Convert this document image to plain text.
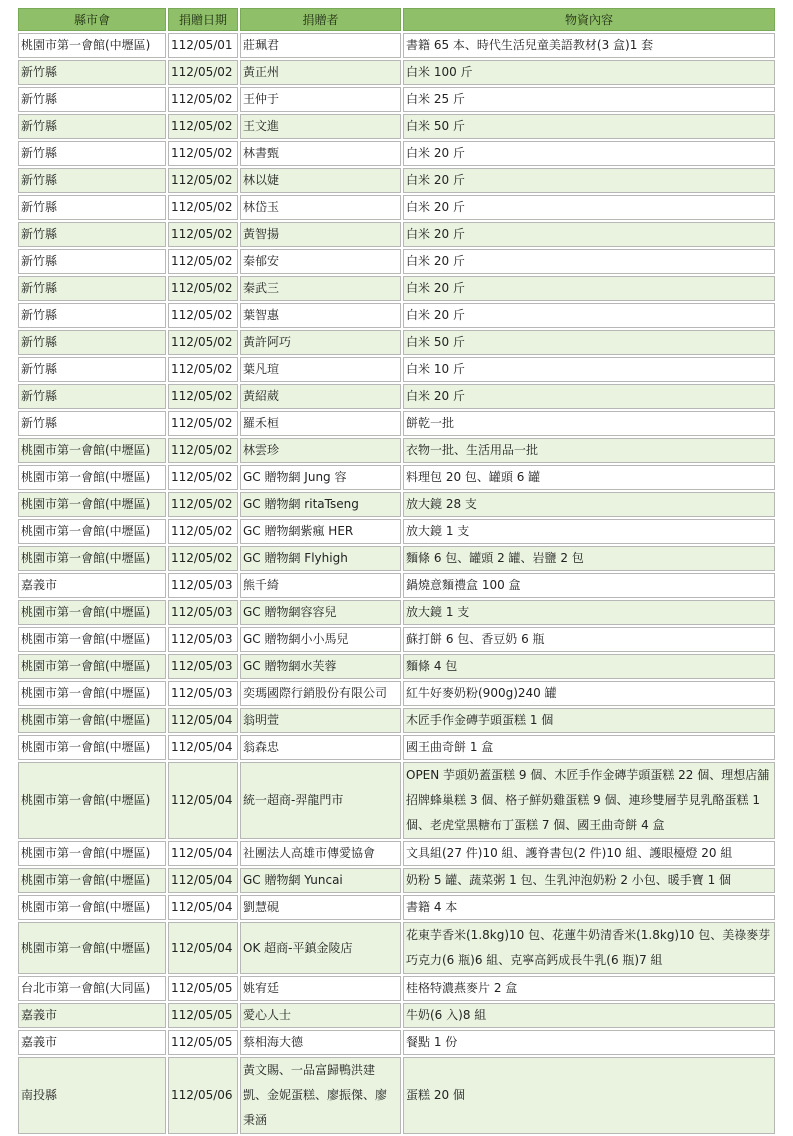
縣市會	捐贈日期	捐贈者	物資內容
桃園市第一會館(中壢區)	112/05/01	莊珮君	書籍 65 本、時代生活兒童美語教材(3 盒)1 套
新竹縣	112/05/02	黃正州	白米 100 斤
新竹縣	112/05/02	王仲于	白米 25 斤
新竹縣	112/05/02	王文進	白米 50 斤
新竹縣	112/05/02	林書甄	白米 20 斤
新竹縣	112/05/02	林以婕	白米 20 斤
新竹縣	112/05/02	林岱玉	白米 20 斤
新竹縣	112/05/02	黃智揚	白米 20 斤
新竹縣	112/05/02	秦郁安	白米 20 斤
新竹縣	112/05/02	秦武三	白米 20 斤
新竹縣	112/05/02	葉智惠	白米 20 斤
新竹縣	112/05/02	黃許阿巧	白米 50 斤
新竹縣	112/05/02	葉凡瑄	白米 10 斤
新竹縣	112/05/02	黃紹葳	白米 20 斤
新竹縣	112/05/02	羅禾桓	餅乾一批
桃園市第一會館(中壢區)	112/05/02	林雲珍	衣物一批、生活用品一批
桃園市第一會館(中壢區)	112/05/02	GC 贈物網 Jung 容	料理包 20 包、罐頭 6 罐
桃園市第一會館(中壢區)	112/05/02	GC 贈物網 ritaTseng	放大鏡 28 支
桃園市第一會館(中壢區)	112/05/02	GC 贈物網紫瘋 HER	放大鏡 1 支
桃園市第一會館(中壢區)	112/05/02	GC 贈物網 Flyhigh	麵條 6 包、罐頭 2 罐、岩鹽 2 包
嘉義市	112/05/03	熊千綺	鍋燒意麵禮盒 100 盒
桃園市第一會館(中壢區)	112/05/03	GC 贈物網容容兒	放大鏡 1 支
桃園市第一會館(中壢區)	112/05/03	GC 贈物網小小馬兒	蘇打餅 6 包、香豆奶 6 瓶
桃園市第一會館(中壢區)	112/05/03	GC 贈物網水芙蓉	麵條 4 包
桃園市第一會館(中壢區)	112/05/03	奕瑪國際行銷股份有限公司	紅牛好麥奶粉(900g)240 罐
桃園市第一會館(中壢區)	112/05/04	翁明萱	木匠手作金磚芋頭蛋糕 1 個
桃園市第一會館(中壢區)	112/05/04	翁森忠	國王曲奇餅 1 盒
桃園市第一會館(中壢區)	112/05/04	統一超商-羿龍門市	OPEN 芋頭奶蓋蛋糕 9 個、木匠手作金磚芋頭蛋糕 22 個、理想店舖招牌蜂巢糕 3 個、格子鮮奶雞蛋糕 9 個、連珍雙層芋見乳酪蛋糕 1 個、老虎堂黑糖布丁蛋糕 7 個、國王曲奇餅 4 盒
桃園市第一會館(中壢區)	112/05/04	社團法人高雄市傳愛協會	文具組(27 件)10 組、護脊書包(2 件)10 組、護眼檯燈 20 組
桃園市第一會館(中壢區)	112/05/04	GC 贈物網 Yuncai	奶粉 5 罐、蔬菜粥 1 包、生乳沖泡奶粉 2 小包、暖手寶 1 個
桃園市第一會館(中壢區)	112/05/04	劉慧硯	書籍 4 本
桃園市第一會館(中壢區)	112/05/04	OK 超商-平鎮金陵店	花東芋香米(1.8kg)10 包、花蓮牛奶清香米(1.8kg)10 包、美祿麥芽巧克力(6 瓶)6 組、克寧高鈣成長牛乳(6 瓶)7 組
台北市第一會館(大同區)	112/05/05	姚宥廷	桂格特濃燕麥片 2 盒
嘉義市	112/05/05	愛心人士	牛奶(6 入)8 組
嘉義市	112/05/05	蔡相海大德	餐點 1 份
南投縣	112/05/06	黃文賜、一品富歸鴨洪建凱、金妮蛋糕、廖振傑、廖秉涵	蛋糕 20 個
